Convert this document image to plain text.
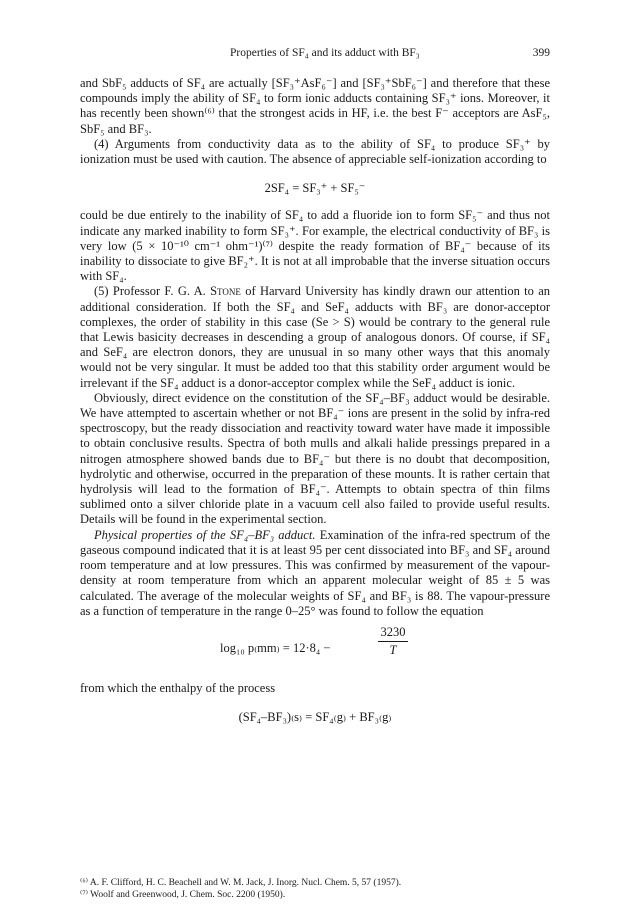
Properties of SF₄ and its adduct with BF₃	399

and SbF₅ adducts of SF₄ are actually [SF₃⁺AsF₆⁻] and [SF₃⁺SbF₆⁻] and therefore that these compounds imply the ability of SF₄ to form ionic adducts containing SF₃⁺ ions. Moreover, it has recently been shown⁽⁶⁾ that the strongest acids in HF, i.e. the best F⁻ acceptors are AsF₅, SbF₅ and BF₃.

(4) Arguments from conductivity data as to the ability of SF₄ to produce SF₃⁺ by ionization must be used with caution. The absence of appreciable self-ionization according to

2SF₄ = SF₃⁺ + SF₅⁻

could be due entirely to the inability of SF₄ to add a fluoride ion to form SF₅⁻ and thus not indicate any marked inability to form SF₃⁺. For example, the electrical conductivity of BF₃ is very low (5 × 10⁻¹⁰ cm⁻¹ ohm⁻¹)⁽⁷⁾ despite the ready formation of BF₄⁻ because of its inability to dissociate to give BF₂⁺. It is not at all improbable that the inverse situation occurs with SF₄.

(5) Professor F. G. A. Stone of Harvard University has kindly drawn our attention to an additional consideration. If both the SF₄ and SeF₄ adducts with BF₃ are donor-acceptor complexes, the order of stability in this case (Se > S) would be contrary to the general rule that Lewis basicity decreases in descending a group of analogous donors. Of course, if SF₄ and SeF₄ are electron donors, they are unusual in so many other ways that this anomaly would not be very singular. It must be added too that this stability order argument would be irrelevant if the SF₄ adduct is a donor-acceptor complex while the SeF₄ adduct is ionic.

Obviously, direct evidence on the constitution of the SF₄–BF₃ adduct would be desirable. We have attempted to ascertain whether or not BF₄⁻ ions are present in the solid by infra-red spectroscopy, but the ready dissociation and reactivity toward water have made it impossible to obtain conclusive results. Spectra of both mulls and alkali halide pressings prepared in a nitrogen atmosphere showed bands due to BF₄⁻ but there is no doubt that decomposition, hydrolytic and otherwise, occurred in the preparation of these mounts. It is rather certain that hydrolysis will lead to the formation of BF₄⁻. Attempts to obtain spectra of thin films sublimed onto a silver chloride plate in a vacuum cell also failed to provide useful results. Details will be found in the experimental section.

Physical properties of the SF₄–BF₃ adduct. Examination of the infra-red spectrum of the gaseous compound indicated that it is at least 95 per cent dissociated into BF₃ and SF₄ around room temperature and at low pressures. This was confirmed by measurement of the vapour-density at room temperature from which an apparent molecular weight of 85 ± 5 was calculated. The average of the molecular weights of SF₄ and BF₃ is 88. The vapour-pressure as a function of temperature in the range 0–25° was found to follow the equation

log₁₀ p₍mm₎ = 12·8₄ −	$\frac{3230}{T}$

from which the enthalpy of the process

(SF₄–BF₃)₍s₎ = SF₄₍g₎ + BF₃₍g₎

⁽⁶⁾ A. F. Clifford, H. C. Beachell and W. M. Jack, J. Inorg. Nucl. Chem. 5, 57 (1957).

⁽⁷⁾ Woolf and Greenwood, J. Chem. Soc. 2200 (1950).
